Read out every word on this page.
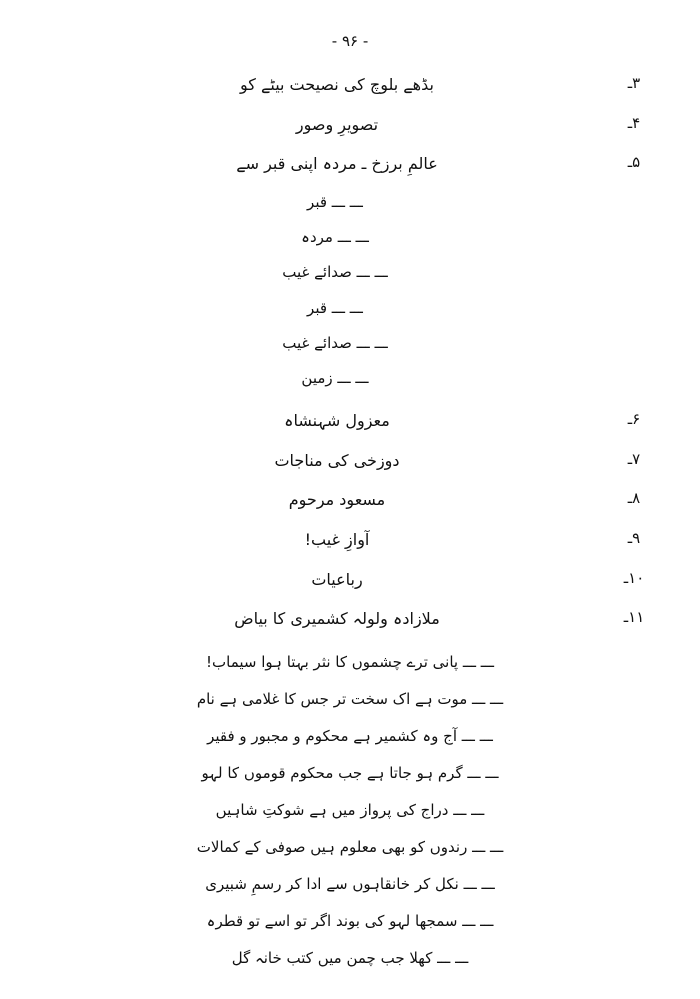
- ۹۶ -
۳ـ
بڈھے بلوچ کی نصیحت بیٹے کو
۴ـ
تصویرِ وصور
۵ـ
عالمِ برزخ ـ مردہ اپنی قبر سے
ـــ ـــ قبر
ـــ ـــ مردہ
ـــ ـــ صدائے غیب
ـــ ـــ قبر
ـــ ـــ صدائے غیب
ـــ ـــ زمین
۶ـ
معزول شہنشاہ
۷ـ
دوزخی کی مناجات
۸ـ
مسعود مرحوم
۹ـ
آوازِ غیب!
۱۰ـ
رباعیات
۱۱ـ
ملازادہ ولولہ کشمیری کا بیاض
ـــ ـــ پانی ترے چشموں کا نثر بہتا ہوا سیماب!
ـــ ـــ موت ہے اک سخت تر جس کا غلامی ہے نام
ـــ ـــ آج وہ کشمیر ہے محکوم و مجبور و فقیر
ـــ ـــ گرم ہو جاتا ہے جب محکوم قوموں کا لہو
ـــ ـــ دراج کی پرواز میں ہے شوکتِ شاہیں
ـــ ـــ رندوں کو بھی معلوم ہیں صوفی کے کمالات
ـــ ـــ نکل کر خانقاہوں سے ادا کر رسمِ شبیری
ـــ ـــ سمجھا لہو کی بوند اگر تو اسے تو قطرہ
ـــ ـــ کھلا جب چمن میں کتب خانہ گل
